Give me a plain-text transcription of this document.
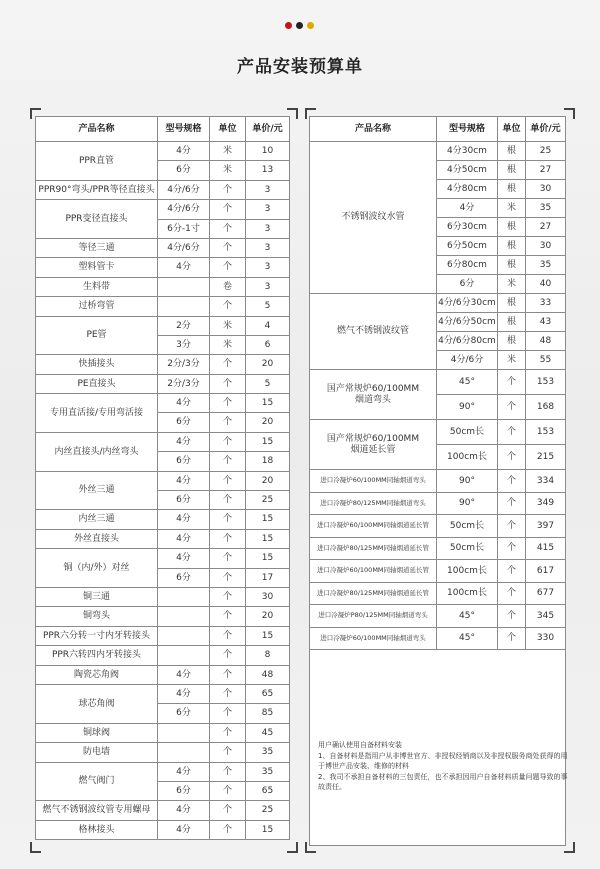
产品安装预算单
产品名称	型号规格	单位	单价/元
PPR直管	4分	米	10
	6分	米	13
PPR90°弯头/PPR等径直接头	4分/6分	个	3
PPR变径直接头	4分/6分	个	3
	6分-1寸	个	3
等径三通	4分/6分	个	3
塑料管卡	4分	个	3
生料带		卷	3
过桥弯管		个	5
PE管	2分	米	4
	3分	米	6
快插接头	2分/3分	个	20
PE直接头	2分/3分	个	5
专用直活接/专用弯活接	4分	个	15
	6分	个	20
内丝直接头/内丝弯头	4分	个	15
	6分	个	18
外丝三通	4分	个	20
	6分	个	25
内丝三通	4分	个	15
外丝直接头	4分	个	15
铜（内/外）对丝	4分	个	15
	6分	个	17
铜三通		个	30
铜弯头		个	20
PPR六分转一寸内牙转接头		个	15
PPR六转四内牙转接头		个	8
陶瓷芯角阀	4分	个	48
球芯角阀	4分	个	65
	6分	个	85
铜球阀		个	45
防电墙		个	35
燃气阀门	4分	个	35
	6分	个	65
燃气不锈钢波纹管专用螺母	4分	个	25
格林接头	4分	个	15
产品名称	型号规格	单位	单价/元
不锈钢波纹水管	4分30cm	根	25
	4分50cm	根	27
	4分80cm	根	30
	4分	米	35
	6分30cm	根	27
	6分50cm	根	30
	6分80cm	根	35
	6分	米	40
燃气不锈钢波纹管	4分/6分30cm	根	33
	4分/6分50cm	根	43
	4分/6分80cm	根	48
	4分/6分	米	55
国产常规炉60/100MM
烟道弯头	45°	个	153
	90°	个	168
国产常规炉60/100MM
烟道延长管	50cm长	个	153
	100cm长	个	215
进口冷凝炉60/100MM同轴烟道弯头	90°	个	334
进口冷凝炉80/125MM同轴烟道弯头	90°	个	349
进口冷凝炉60/100MM同轴烟道延长管	50cm长	个	397
进口冷凝炉80/125MM同轴烟道延长管	50cm长	个	415
进口冷凝炉60/100MM同轴烟道延长管	100cm长	个	617
进口冷凝炉80/125MM同轴烟道延长管	100cm长	个	677
进口冷凝炉P80/125MM同轴烟道弯头	45°	个	345
进口冷凝炉60/100MM同轴烟道弯头	45°	个	330

用户确认使用自备材料安装
1、自备材料是指用户从非博世官方、非授权经销商以及非授权服务商处获得的用于博世产品安装、维修的材料
2、我司不承担自备材料的三包责任，也不承担因用户自备材料质量问题导致的事故责任。
